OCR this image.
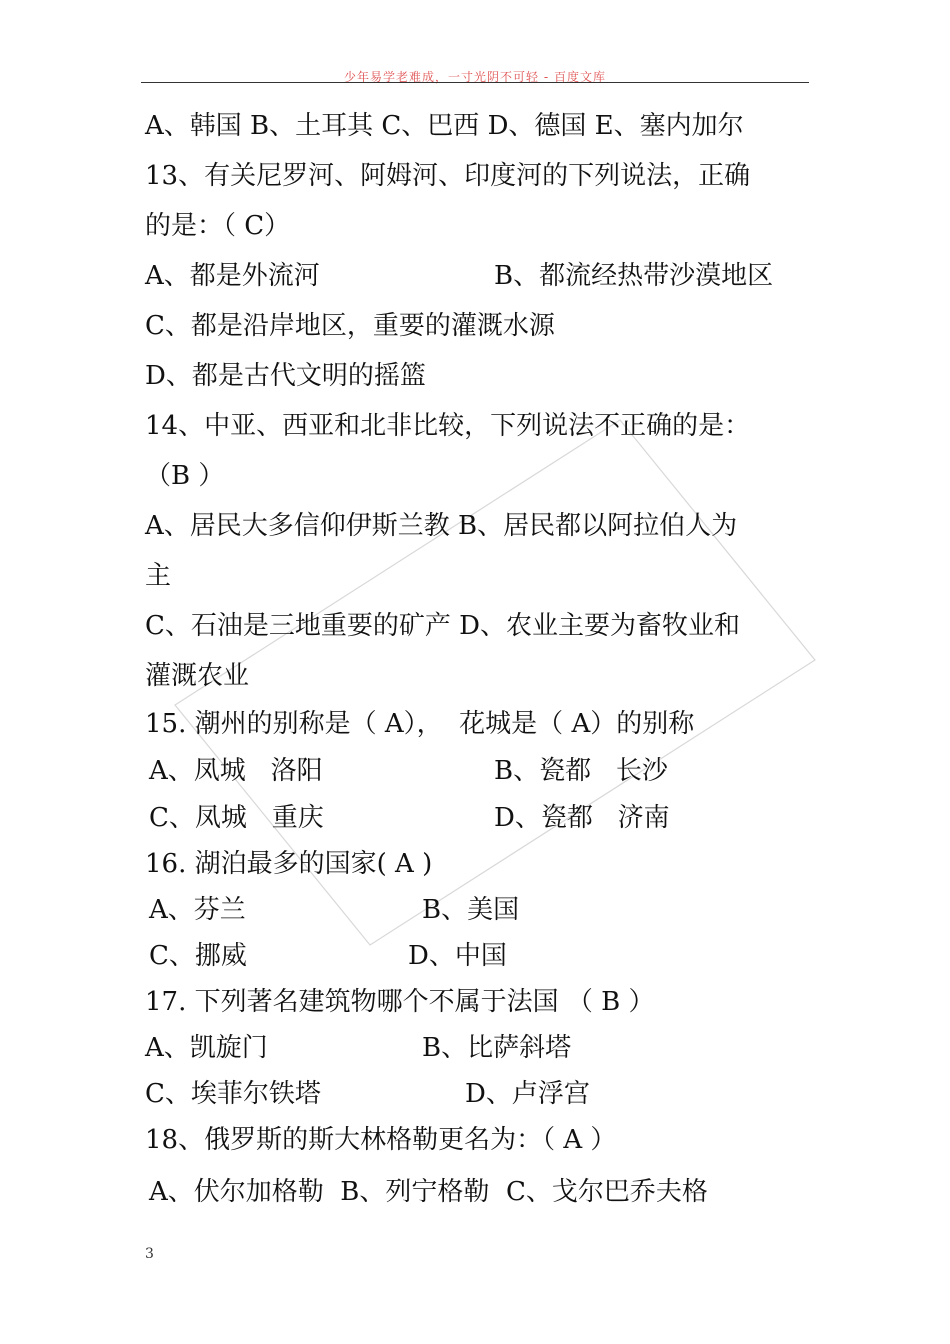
少年易学老难成，一寸光阴不可轻 - 百度文库
A、韩国 B、土耳其 C、巴西 D、德国 E、塞内加尔
13、有关尼罗河、阿姆河、印度河的下列说法，正确
的是：（ C）
A、都是外流河	B、都流经热带沙漠地区
C、都是沿岸地区，重要的灌溉水源
D、都是古代文明的摇篮
14、中亚、西亚和北非比较，下列说法不正确的是：
（B ）
A、居民大多信仰伊斯兰教 B、居民都以阿拉伯人为
主
C、石油是三地重要的矿产 D、农业主要为畜牧业和
灌溉农业
15. 潮州的别称是（ A），  花城是（ A）的别称
A、凤城   洛阳	B、瓷都   长沙
C、凤城   重庆	D、瓷都   济南
16. 湖泊最多的国家( A )
A、芬兰	B、美国
C、挪威	D、中国
17. 下列著名建筑物哪个不属于法国 （ B ）
A、凯旋门	B、比萨斜塔
C、埃菲尔铁塔	D、卢浮宫
18、俄罗斯的斯大林格勒更名为：（ A ）
A、伏尔加格勒  B、列宁格勒  C、戈尔巴乔夫格
3
